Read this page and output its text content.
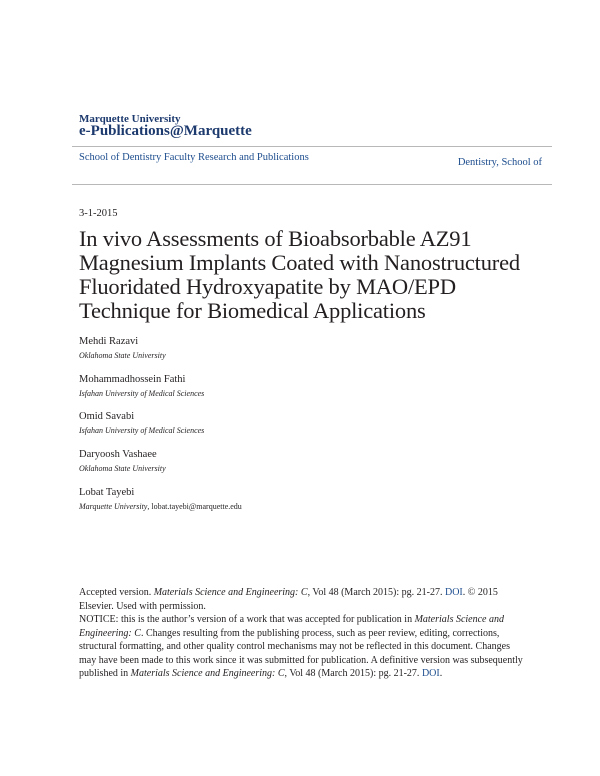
Marquette University
e-Publications@Marquette
School of Dentistry Faculty Research and Publications	Dentistry, School of
3-1-2015
In vivo Assessments of Bioabsorbable AZ91 Magnesium Implants Coated with Nanostructured Fluoridated Hydroxyapatite by MAO/EPD Technique for Biomedical Applications
Mehdi Razavi
Oklahoma State University
Mohammadhossein Fathi
Isfahan University of Medical Sciences
Omid Savabi
Isfahan University of Medical Sciences
Daryoosh Vashaee
Oklahoma State University
Lobat Tayebi
Marquette University, lobat.tayebi@marquette.edu

Accepted version. Materials Science and Engineering: C, Vol 48 (March 2015): pg. 21-27. DOI. © 2015 Elsevier. Used with permission.

NOTICE: this is the author’s version of a work that was accepted for publication in Materials Science and Engineering: C. Changes resulting from the publishing process, such as peer review, editing, corrections, structural formatting, and other quality control mechanisms may not be reflected in this document. Changes may have been made to this work since it was submitted for publication. A definitive version was subsequently published in Materials Science and Engineering: C, Vol 48 (March 2015): pg. 21-27. DOI.
